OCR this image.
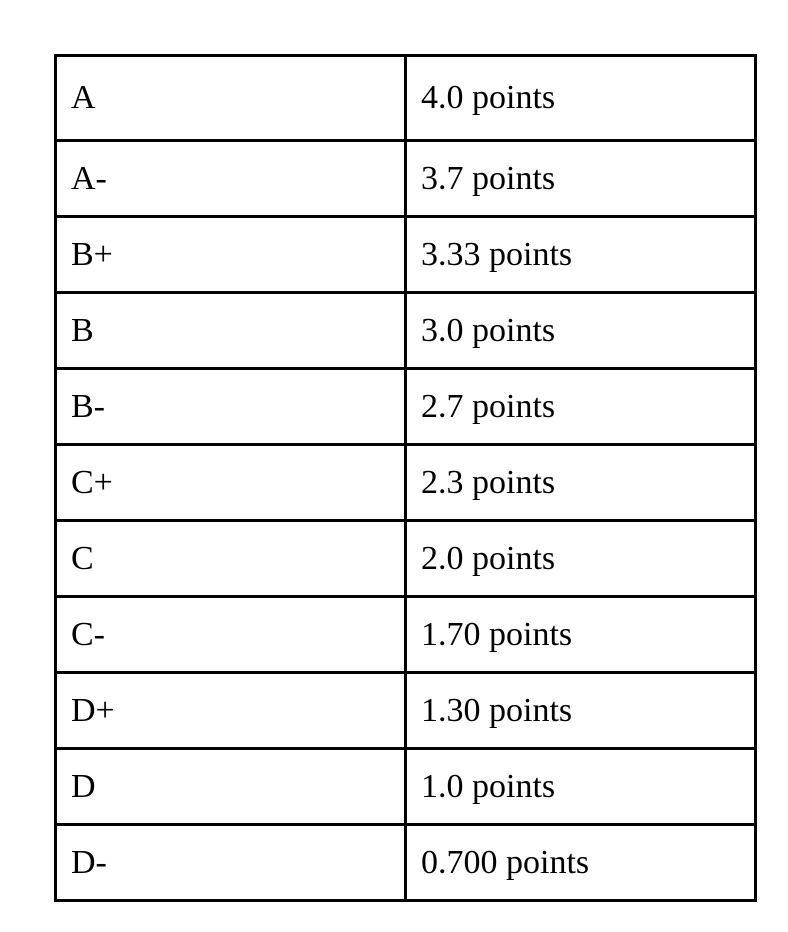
A	4.0 points
A-	3.7 points
B+	3.33 points
B	3.0 points
B-	2.7 points
C+	2.3 points
C	2.0 points
C-	1.70 points
D+	1.30 points
D	1.0 points
D-	0.700 points
